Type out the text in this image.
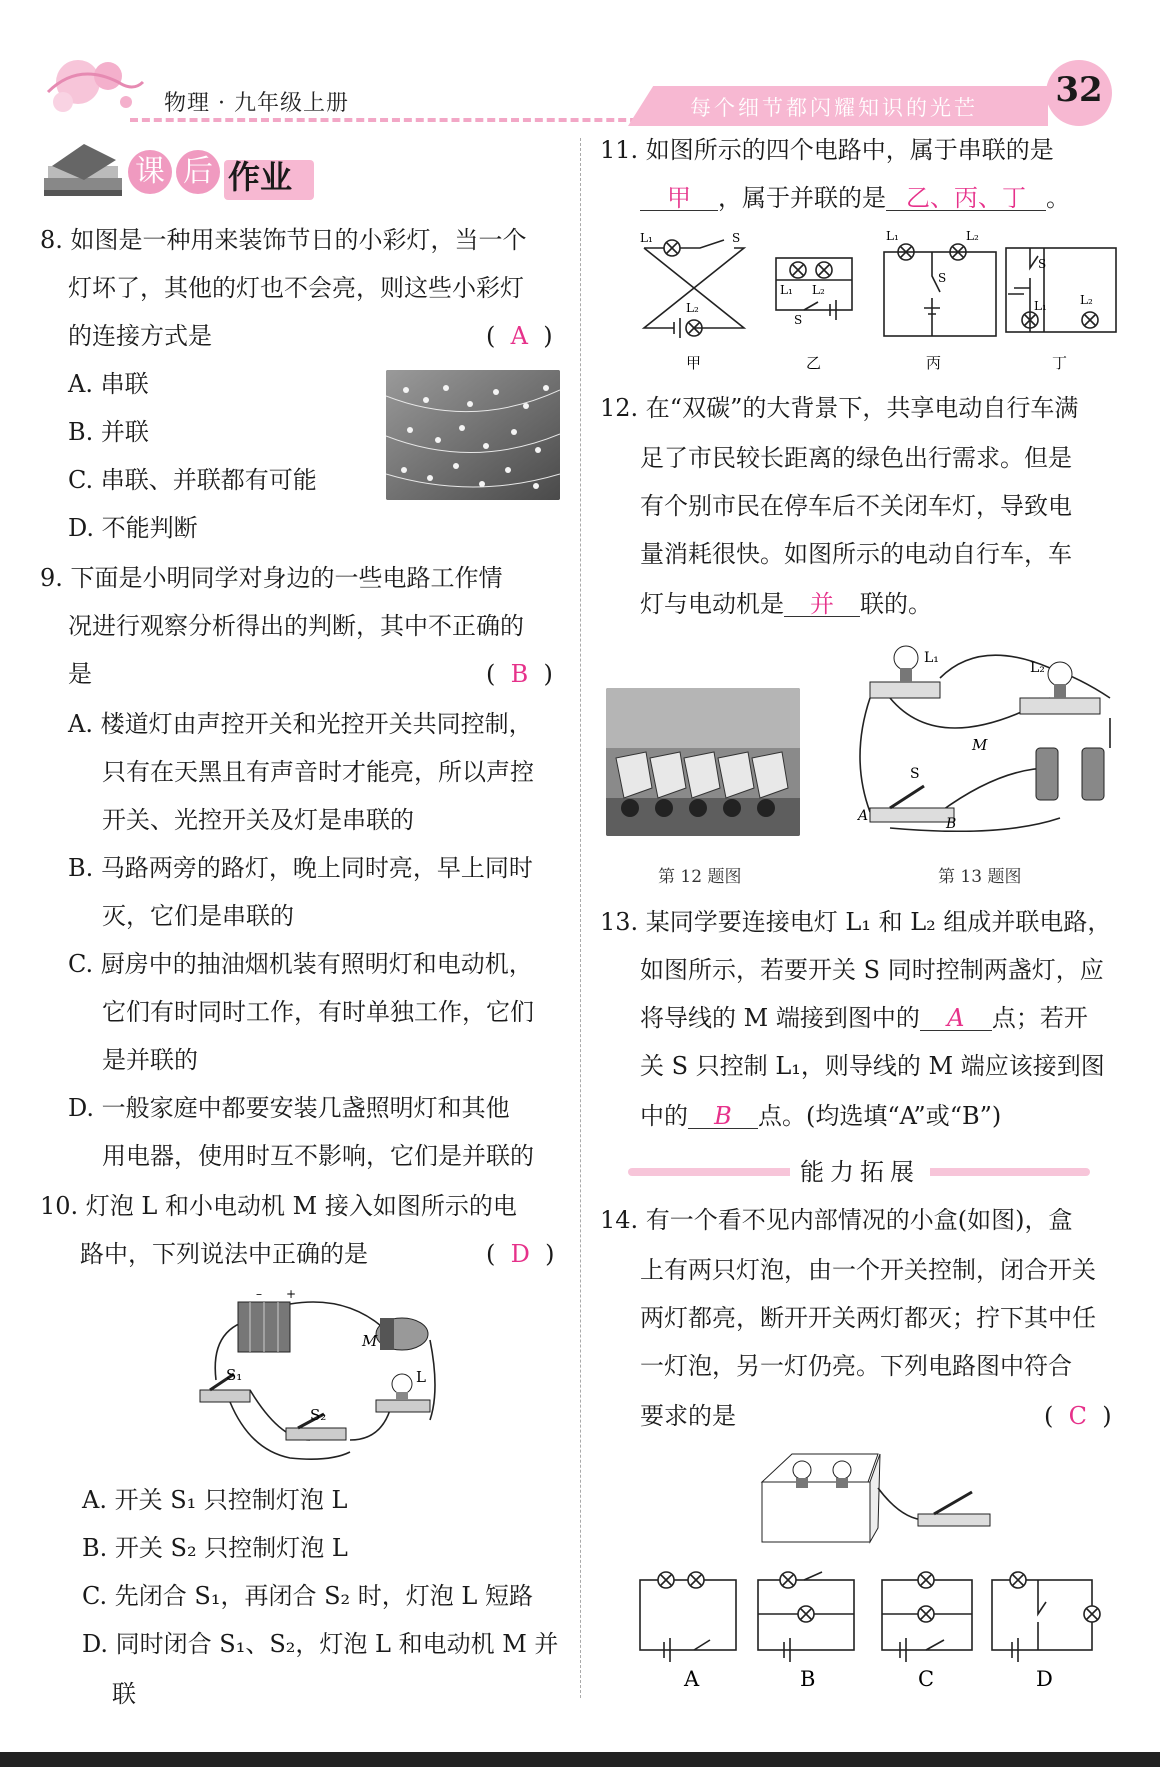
物理 · 九年级上册	每个细节都闪耀知识的光芒 32
课 后 作业
8. 如图是一种用来装饰节日的小彩灯，当一个
灯坏了，其他的灯也不会亮，则这些小彩灯
的连接方式是	(  A  )
A. 串联
B. 并联
C. 串联、并联都有可能
D. 不能判断
9. 下面是小明同学对身边的一些电路工作情
况进行观察分析得出的判断，其中不正确的
是	(  B  )
A. 楼道灯由声控开关和光控开关共同控制，
只有在天黑且有声音时才能亮，所以声控
开关、光控开关及灯是串联的
B. 马路两旁的路灯，晚上同时亮，早上同时
灭，它们是串联的
C. 厨房中的抽油烟机装有照明灯和电动机，
它们有时同时工作，有时单独工作，它们
是并联的
D. 一般家庭中都要安装几盏照明灯和其他
用电器，使用时互不影响，它们是并联的
10. 灯泡 L 和小电动机 M 接入如图所示的电
路中，下列说法中正确的是	(  D  )
– +
S₁
S₂
M
L
A. 开关 S₁ 只控制灯泡 L
B. 开关 S₂ 只控制灯泡 L
C. 先闭合 S₁，再闭合 S₂ 时，灯泡 L 短路
D. 同时闭合 S₁、S₂，灯泡 L 和电动机 M 并
联
11. 如图所示的四个电路中，属于串联的是
甲 ，属于并联的是 乙、丙、丁 。
L₁	S
L₂
L₁ L₂
S
L₁	L₂
S
S
L₁	L₂
甲	乙	丙	丁
12. 在“双碳”的大背景下，共享电动自行车满
足了市民较长距离的绿色出行需求。但是
有个别市民在停车后不关闭车灯，导致电
量消耗很快。如图所示的电动自行车，车
灯与电动机是 并 联的。
第 12 题图
L₁
L₂
M
S
A	B
第 13 题图
13. 某同学要连接电灯 L₁ 和 L₂ 组成并联电路，
如图所示，若要开关 S 同时控制两盏灯，应
将导线的 M 端接到图中的 A 点；若开
关 S 只控制 L₁，则导线的 M 端应该接到图
中的 B 点。(均选填“A”或“B”)
能力拓展
14. 有一个看不见内部情况的小盒(如图)，盒
上有两只灯泡，由一个开关控制，闭合开关
两灯都亮，断开开关两灯都灭；拧下其中任
一灯泡，另一灯仍亮。下列电路图中符合
要求的是	(  C  )
A	B	C	D
